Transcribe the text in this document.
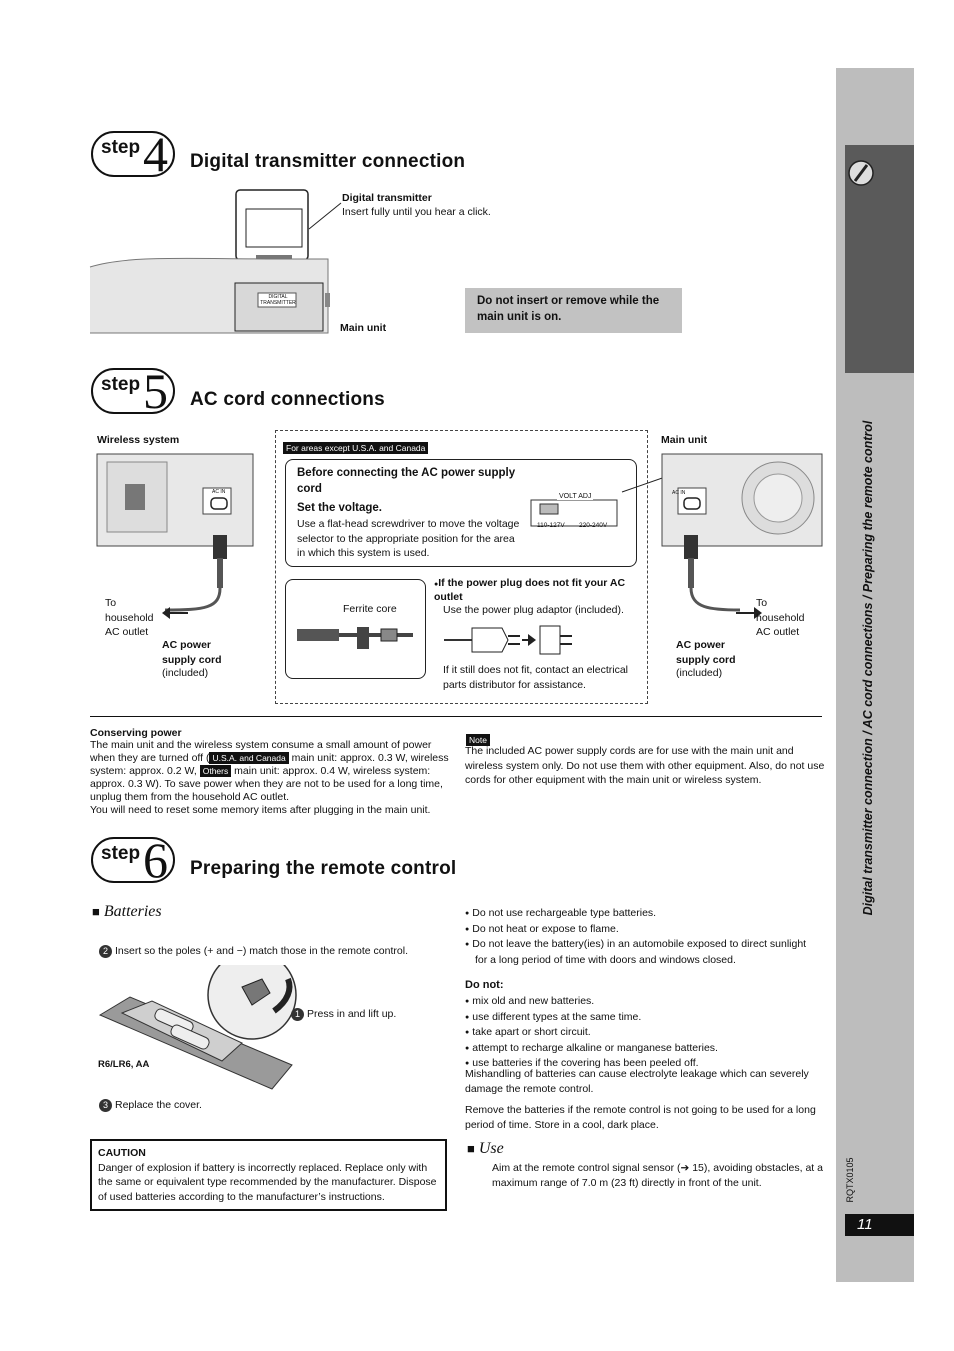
Digital transmitter connection / AC cord connections / Preparing the remote control
RQTX0105
11
step 4 Digital transmitter connection
DIGITAL TRANSMITTER
Digital transmitter
Insert fully until you hear a click.
Main unit
Do not insert or remove while the main unit is on.
step 5 AC cord connections
Wireless system	Main unit
AC IN
To household AC outlet
AC power supply cord
(included)
For areas except U.S.A. and Canada
Before connecting the AC power supply cord
Set the voltage.
Use a flat-head screwdriver to move the voltage selector to the appropriate position for the area in which this system is used.
VOLT ADJ
110-127V 220-240V
Ferrite core
●If the power plug does not fit your AC outlet
Use the power plug adaptor (included).
If it still does not fit, contact an electrical parts distributor for assistance.
AC IN
To household AC outlet
AC power supply cord
(included)
Conserving power
The main unit and the wireless system consume a small amount of power when they are turned off ( U.S.A. and Canada main unit: approx. 0.3 W, wireless system: approx. 0.2 W, Others main unit: approx. 0.4 W, wireless system: approx. 0.3 W). To save power when they are not to be used for a long time, unplug them from the household AC outlet.
You will need to reset some memory items after plugging in the main unit.
Note
The included AC power supply cords are for use with the main unit and wireless system only. Do not use them with other equipment. Also, do not use cords for other equipment with the main unit or wireless system.
step 6 Preparing the remote control
■ Batteries
2 Insert so the poles (+ and −) match those in the remote control.
1 Press in and lift up.
R6/LR6, AA
3 Replace the cover.
CAUTION
Danger of explosion if battery is incorrectly replaced. Replace only with the same or equivalent type recommended by the manufacturer. Dispose of used batteries according to the manufacturer’s instructions.
● Do not use rechargeable type batteries.
● Do not heat or expose to flame.
● Do not leave the battery(ies) in an automobile exposed to direct sunlight for a long period of time with doors and windows closed.
Do not:
● mix old and new batteries.
● use different types at the same time.
● take apart or short circuit.
● attempt to recharge alkaline or manganese batteries.
● use batteries if the covering has been peeled off.
Mishandling of batteries can cause electrolyte leakage which can severely damage the remote control.
Remove the batteries if the remote control is not going to be used for a long period of time. Store in a cool, dark place.
■ Use
Aim at the remote control signal sensor (➔ 15), avoiding obstacles, at a maximum range of 7.0 m (23 ft) directly in front of the unit.
